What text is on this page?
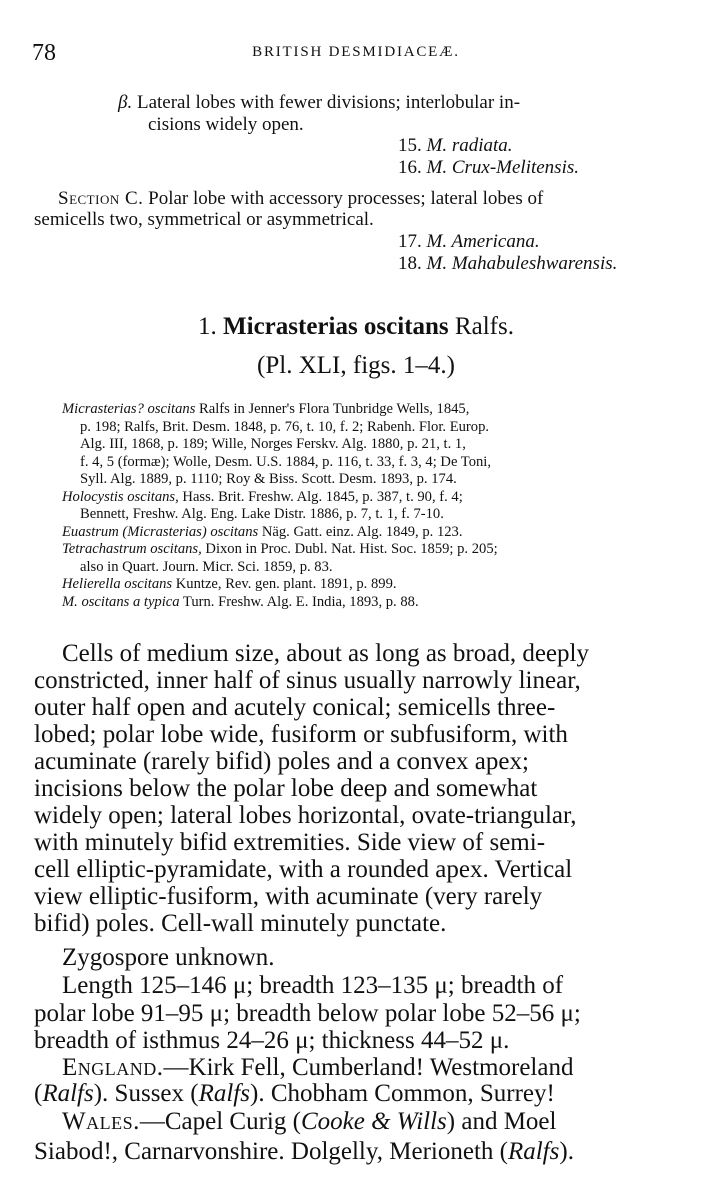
78	BRITISH DESMIDIACEÆ.
β. Lateral lobes with fewer divisions; interlobular in-
cisions widely open.
15. M. radiata.
16. M. Crux-Melitensis.
Section C. Polar lobe with accessory processes; lateral lobes of
semicells two, symmetrical or asymmetrical.
17. M. Americana.
18. M. Mahabuleshwarensis.
1. Micrasterias oscitans Ralfs.
(Pl. XLI, figs. 1–4.)
Micrasterias? oscitans Ralfs in Jenner's Flora Tunbridge Wells, 1845,
p. 198; Ralfs, Brit. Desm. 1848, p. 76, t. 10, f. 2; Rabenh. Flor. Europ.
Alg. III, 1868, p. 189; Wille, Norges Ferskv. Alg. 1880, p. 21, t. 1,
f. 4, 5 (formæ); Wolle, Desm. U.S. 1884, p. 116, t. 33, f. 3, 4; De Toni,
Syll. Alg. 1889, p. 1110; Roy & Biss. Scott. Desm. 1893, p. 174.
Holocystis oscitans, Hass. Brit. Freshw. Alg. 1845, p. 387, t. 90, f. 4;
Bennett, Freshw. Alg. Eng. Lake Distr. 1886, p. 7, t. 1, f. 7-10.
Euastrum (Micrasterias) oscitans Näg. Gatt. einz. Alg. 1849, p. 123.
Tetrachastrum oscitans, Dixon in Proc. Dubl. Nat. Hist. Soc. 1859; p. 205;
also in Quart. Journ. Micr. Sci. 1859, p. 83.
Helierella oscitans Kuntze, Rev. gen. plant. 1891, p. 899.
M. oscitans a typica Turn. Freshw. Alg. E. India, 1893, p. 88.
Cells of medium size, about as long as broad, deeply
constricted, inner half of sinus usually narrowly linear,
outer half open and acutely conical; semicells three-
lobed; polar lobe wide, fusiform or subfusiform, with
acuminate (rarely bifid) poles and a convex apex;
incisions below the polar lobe deep and somewhat
widely open; lateral lobes horizontal, ovate-triangular,
with minutely bifid extremities. Side view of semi-
cell elliptic-pyramidate, with a rounded apex. Vertical
view elliptic-fusiform, with acuminate (very rarely
bifid) poles. Cell-wall minutely punctate.
Zygospore unknown.
Length 125–146 μ; breadth 123–135 μ; breadth of
polar lobe 91–95 μ; breadth below polar lobe 52–56 μ;
breadth of isthmus 24–26 μ; thickness 44–52 μ.
England.—Kirk Fell, Cumberland! Westmoreland
(Ralfs). Sussex (Ralfs). Chobham Common, Surrey!
Wales.—Capel Curig (Cooke & Wills) and Moel
Siabod!, Carnarvonshire. Dolgelly, Merioneth (Ralfs).
